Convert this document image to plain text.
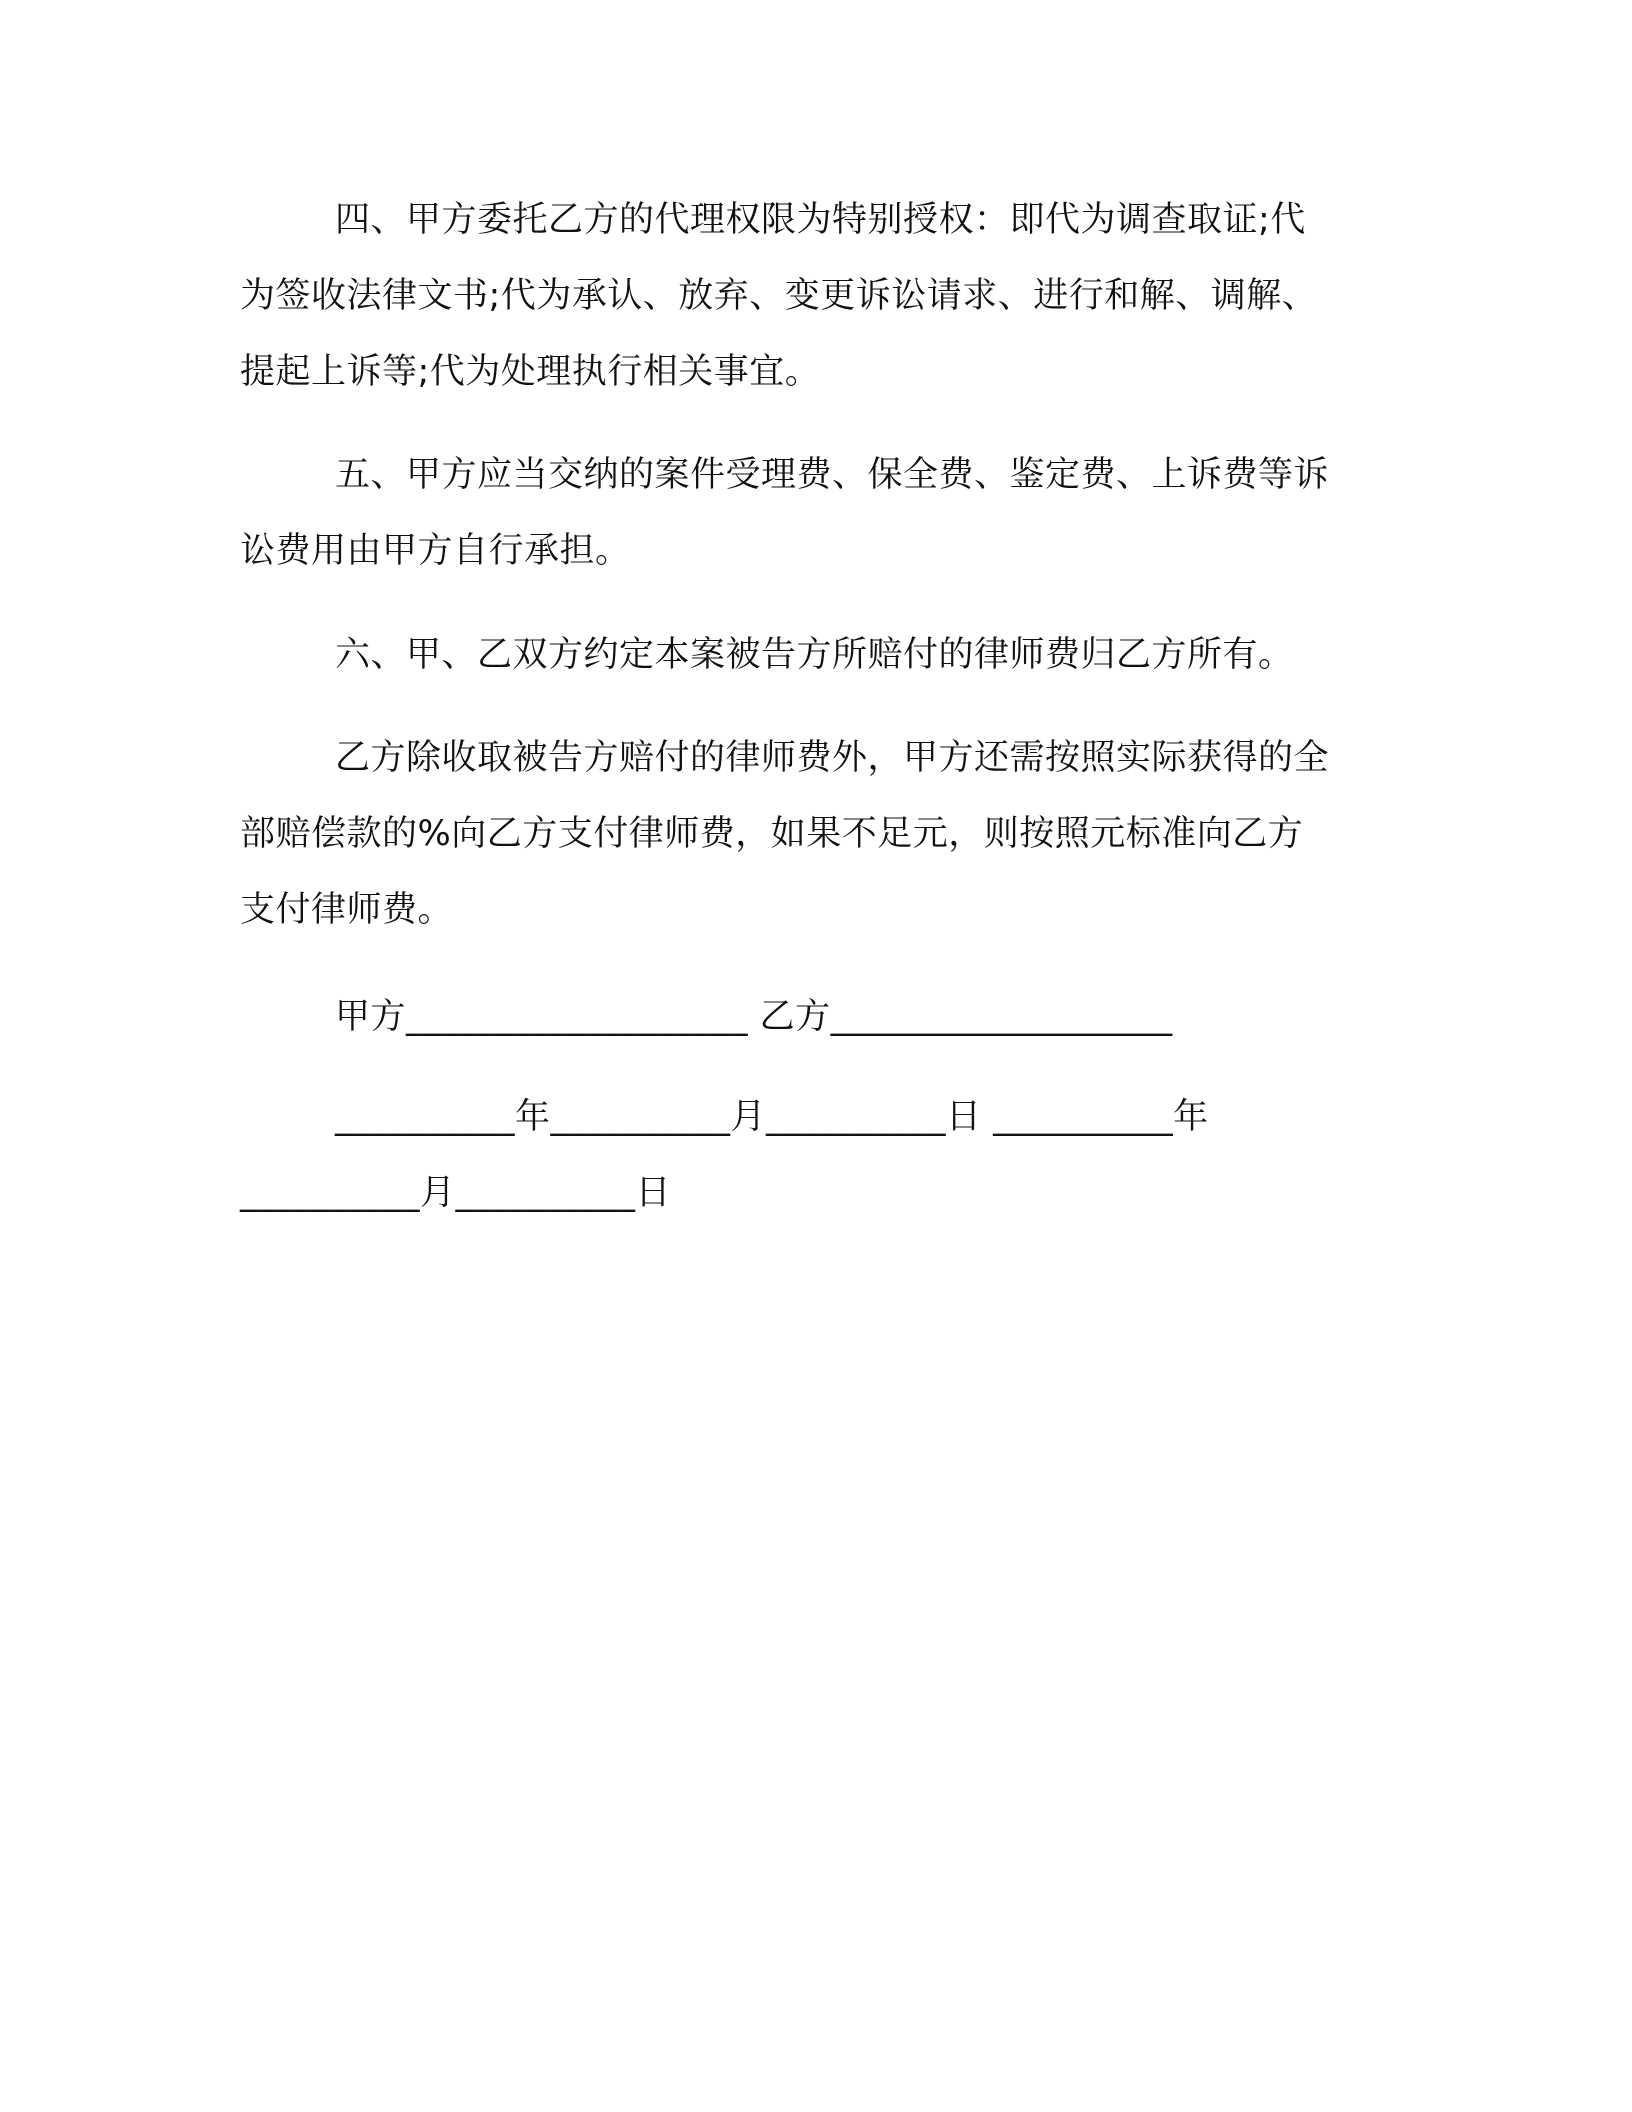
四、甲方委托乙方的代理权限为特别授权：即代为调查取证;代
为签收法律文书;代为承认、放弃、变更诉讼请求、进行和解、调解、
提起上诉等;代为处理执行相关事宜。
五、甲方应当交纳的案件受理费、保全费、鉴定费、上诉费等诉
讼费用由甲方自行承担。
六、甲、乙双方约定本案被告方所赔付的律师费归乙方所有。
乙方除收取被告方赔付的律师费外，甲方还需按照实际获得的全
部赔偿款的%向乙方支付律师费，如果不足元，则按照元标准向乙方
支付律师费。
甲方___________________ 乙方___________________
__________年__________月__________日 __________年
__________月__________日
